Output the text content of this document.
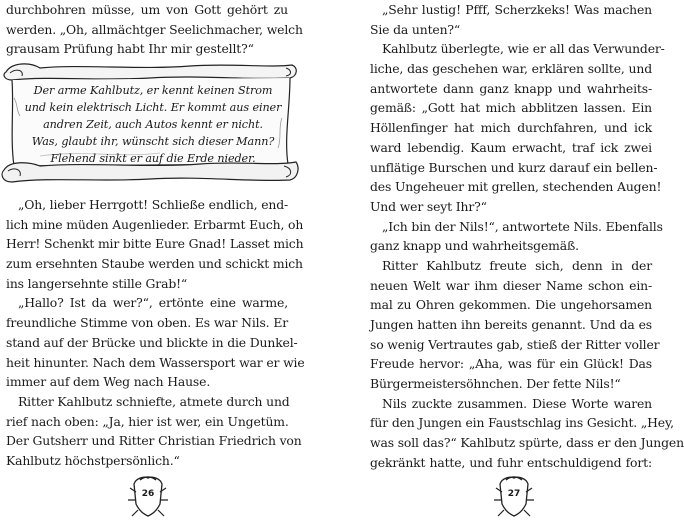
durchbohren müsse, um von Gott gehört zu
werden. „Oh, allmächtger Seelichmacher, welch
grausam Prüfung habt Ihr mir gestellt?“
Der arme Kahlbutz, er kennt keinen Strom
und kein elektrisch Licht. Er kommt aus einer
andren Zeit, auch Autos kennt er nicht.
Was, glaubt ihr, wünscht sich dieser Mann?
Flehend sinkt er auf die Erde nieder.
„Oh, lieber Herrgott! Schließe endlich, end-
lich mine müden Augenlieder. Erbarmt Euch, oh
Herr! Schenkt mir bitte Eure Gnad! Lasset mich
zum ersehnten Staube werden und schickt mich
ins langersehnte stille Grab!“
„Hallo? Ist da wer?“, ertönte eine warme,
freundliche Stimme von oben. Es war Nils. Er
stand auf der Brücke und blickte in die Dunkel-
heit hinunter. Nach dem Wassersport war er wie
immer auf dem Weg nach Hause.
Ritter Kahlbutz schniefte, atmete durch und
rief nach oben: „Ja, hier ist wer, ein Ungetüm.
Der Gutsherr und Ritter Christian Friedrich von
Kahlbutz höchstpersönlich.“
26
„Sehr lustig! Pfff, Scherzkeks! Was machen
Sie da unten?“
Kahlbutz überlegte, wie er all das Verwunder-
liche, das geschehen war, erklären sollte, und
antwortete dann ganz knapp und wahrheits-
gemäß: „Gott hat mich abblitzen lassen. Ein
Höllenfinger hat mich durchfahren, und ick
ward lebendig. Kaum erwacht, traf ick zwei
unflätige Burschen und kurz darauf ein bellen-
des Ungeheuer mit grellen, stechenden Augen!
Und wer seyt Ihr?“
„Ich bin der Nils!“, antwortete Nils. Ebenfalls
ganz knapp und wahrheitsgemäß.
Ritter Kahlbutz freute sich, denn in der
neuen Welt war ihm dieser Name schon ein-
mal zu Ohren gekommen. Die ungehorsamen
Jungen hatten ihn bereits genannt. Und da es
so wenig Vertrautes gab, stieß der Ritter voller
Freude hervor: „Aha, was für ein Glück! Das
Bürgermeistersöhnchen. Der fette Nils!“
Nils zuckte zusammen. Diese Worte waren
für den Jungen ein Faustschlag ins Gesicht. „Hey,
was soll das?“ Kahlbutz spürte, dass er den Jungen
gekränkt hatte, und fuhr entschuldigend fort:
27
